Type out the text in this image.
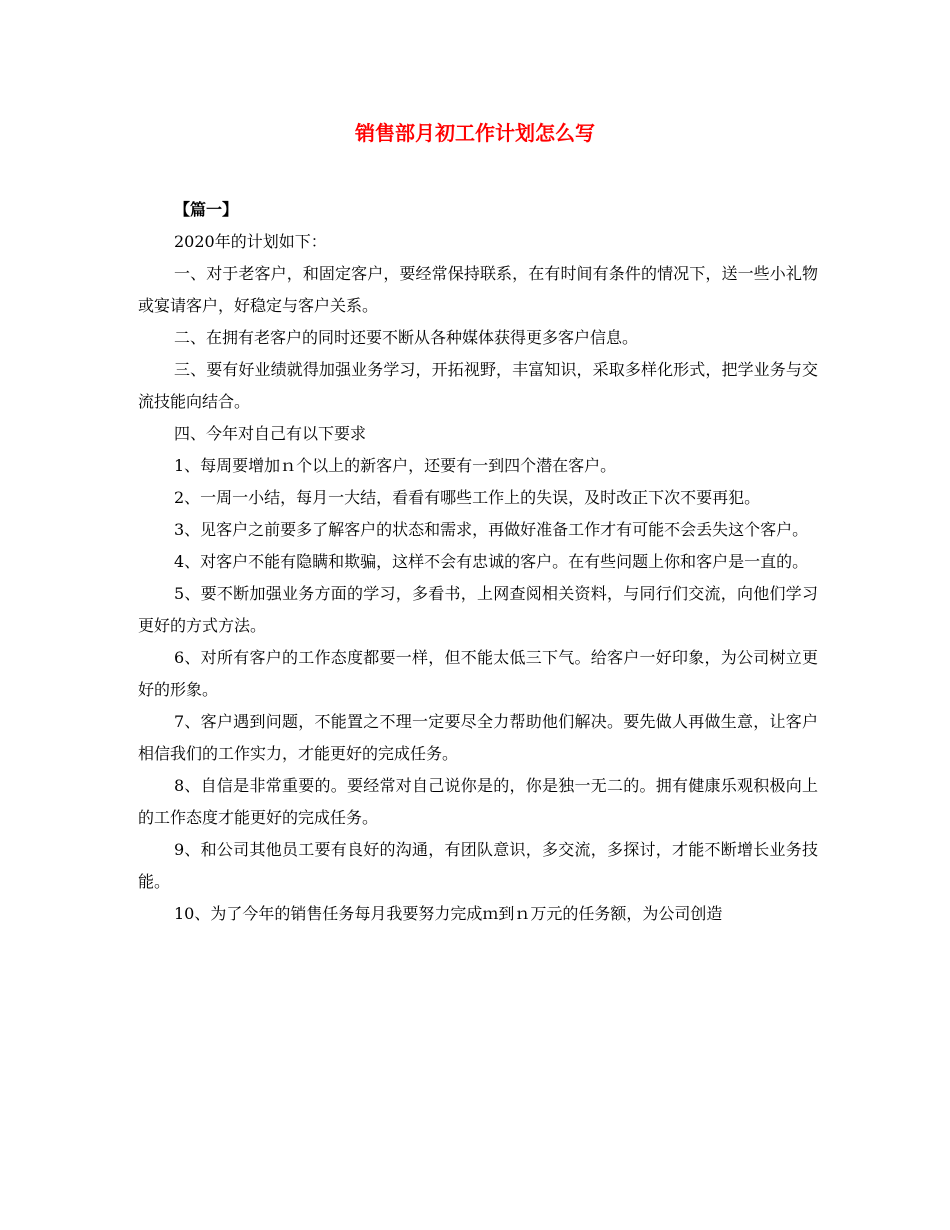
销售部月初工作计划怎么写

【篇一】

2020年的计划如下：

一、对于老客户，和固定客户，要经常保持联系，在有时间有条件的情况下，送一些小礼物或宴请客户，好稳定与客户关系。

二、在拥有老客户的同时还要不断从各种媒体获得更多客户信息。

三、要有好业绩就得加强业务学习，开拓视野，丰富知识，采取多样化形式，把学业务与交流技能向结合。

四、今年对自己有以下要求

1、每周要增加ｎ个以上的新客户，还要有一到四个潜在客户。

2、一周一小结，每月一大结，看看有哪些工作上的失误，及时改正下次不要再犯。

3、见客户之前要多了解客户的状态和需求，再做好准备工作才有可能不会丢失这个客户。

4、对客户不能有隐瞒和欺骗，这样不会有忠诚的客户。在有些问题上你和客户是一直的。

5、要不断加强业务方面的学习，多看书，上网查阅相关资料，与同行们交流，向他们学习更好的方式方法。

6、对所有客户的工作态度都要一样，但不能太低三下气。给客户一好印象，为公司树立更好的形象。

7、客户遇到问题，不能置之不理一定要尽全力帮助他们解决。要先做人再做生意，让客户相信我们的工作实力，才能更好的完成任务。

8、自信是非常重要的。要经常对自己说你是的，你是独一无二的。拥有健康乐观积极向上的工作态度才能更好的完成任务。

9、和公司其他员工要有良好的沟通，有团队意识，多交流，多探讨，才能不断增长业务技能。

10、为了今年的销售任务每月我要努力完成ｍ到ｎ万元的任务额，为公司创造
